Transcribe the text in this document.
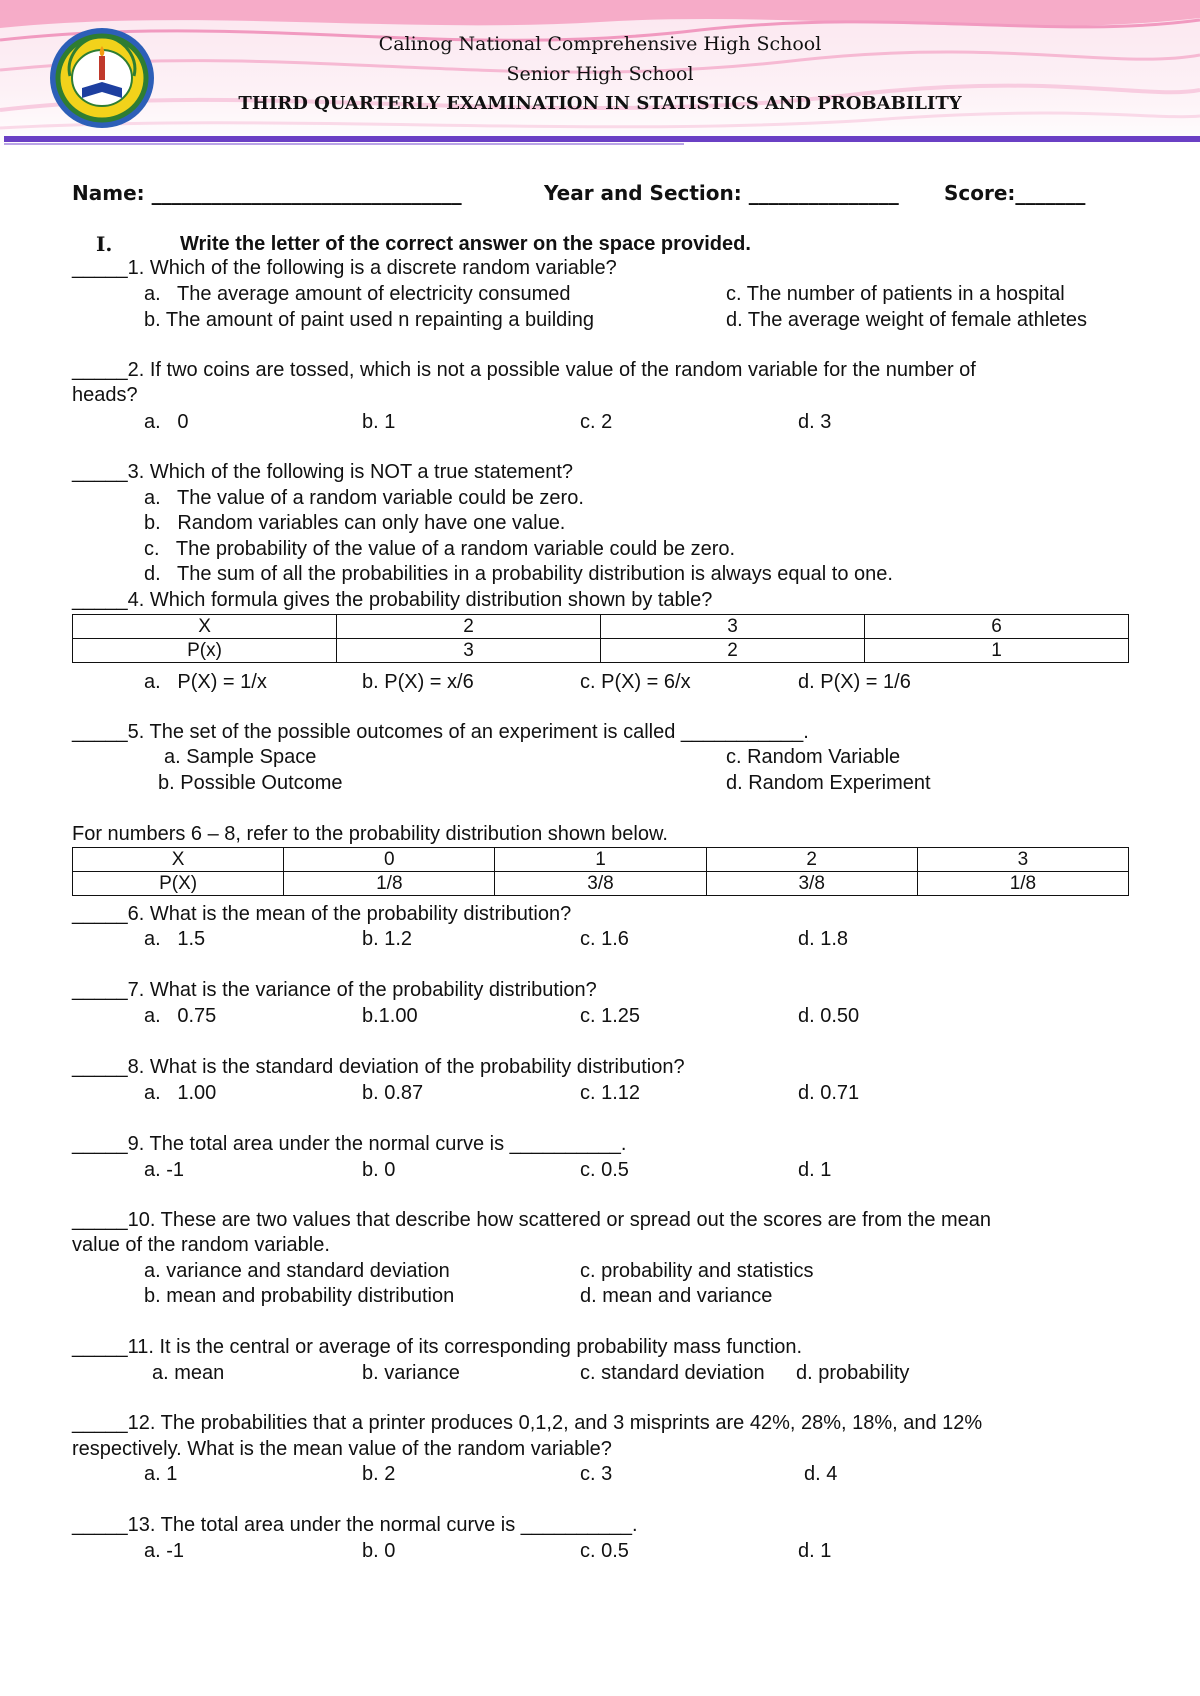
Calinog National Comprehensive High School
Senior High School
THIRD QUARTERLY EXAMINATION IN STATISTICS AND PROBABILITY
Name: _______________________________	Year and Section: _______________ Score:_______
I.	Write the letter of the correct answer on the space provided.
_____1. Which of the following is a discrete random variable?
a.   The average amount of electricity consumed	c. The number of patients in a hospital
b. The amount of paint used n repainting a building	d. The average weight of female athletes
_____2. If two coins are tossed, which is not a possible value of the random variable for the number of
heads?
a.   0	b. 1	c. 2	d. 3
_____3. Which of the following is NOT a true statement?
a.   The value of a random variable could be zero.
b.   Random variables can only have one value.
c.   The probability of the value of a random variable could be zero.
d.   The sum of all the probabilities in a probability distribution is always equal to one.
_____4. Which formula gives the probability distribution shown by table?
X	2	3	6
P(x)	3	2	1
a.   P(X) = 1/x	b. P(X) = x/6	c. P(X) = 6/x	d. P(X) = 1/6
_____5. The set of the possible outcomes of an experiment is called ___________.
a. Sample Space	c. Random Variable
b. Possible Outcome	d. Random Experiment
For numbers 6 – 8, refer to the probability distribution shown below.
X	0	1	2	3
P(X)	1/8	3/8	3/8	1/8
_____6. What is the mean of the probability distribution?
a.   1.5	b. 1.2	c. 1.6	d. 1.8
_____7. What is the variance of the probability distribution?
a.   0.75	b.1.00	c. 1.25	d. 0.50
_____8. What is the standard deviation of the probability distribution?
a.   1.00	b. 0.87	c. 1.12	d. 0.71
_____9. The total area under the normal curve is __________.
a. -1	b. 0	c. 0.5	d. 1
_____10. These are two values that describe how scattered or spread out the scores are from the mean
value of the random variable.
a. variance and standard deviation	c. probability and statistics
b. mean and probability distribution	d. mean and variance
_____11. It is the central or average of its corresponding probability mass function.
a. mean	b. variance	c. standard deviation d. probability
_____12. The probabilities that a printer produces 0,1,2, and 3 misprints are 42%, 28%, 18%, and 12%
respectively. What is the mean value of the random variable?
a. 1	b. 2	c. 3	d. 4
_____13. The total area under the normal curve is __________.
a. -1	b. 0	c. 0.5	d. 1
